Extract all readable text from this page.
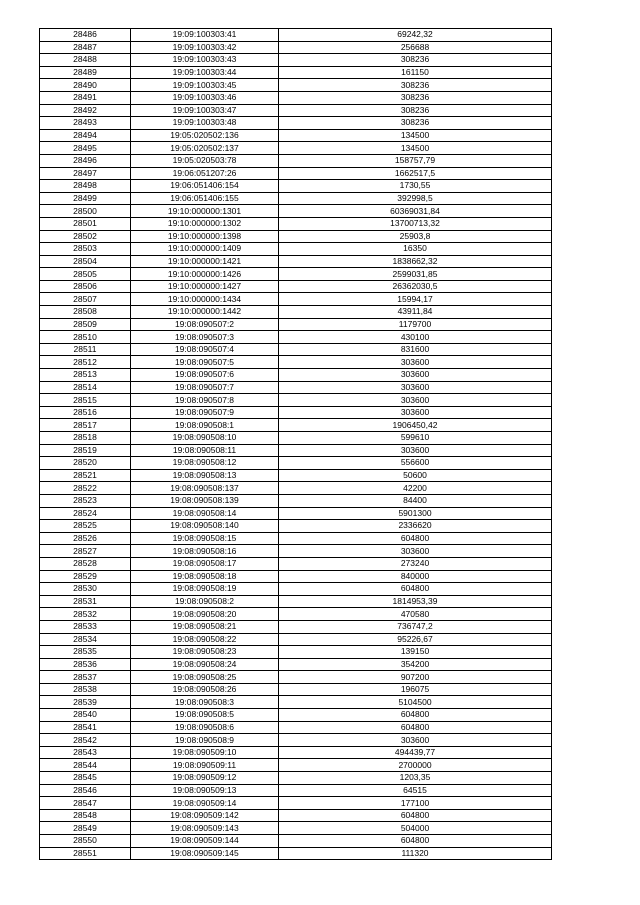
28486	19:09:100303:41	69242,32
28487	19:09:100303:42	256688
28488	19:09:100303:43	308236
28489	19:09:100303:44	161150
28490	19:09:100303:45	308236
28491	19:09:100303:46	308236
28492	19:09:100303:47	308236
28493	19:09:100303:48	308236
28494	19:05:020502:136	134500
28495	19:05:020502:137	134500
28496	19:05:020503:78	158757,79
28497	19:06:051207:26	1662517,5
28498	19:06:051406:154	1730,55
28499	19:06:051406:155	392998,5
28500	19:10:000000:1301	60369031,84
28501	19:10:000000:1302	13700713,32
28502	19:10:000000:1398	25903,8
28503	19:10:000000:1409	16350
28504	19:10:000000:1421	1838662,32
28505	19:10:000000:1426	2599031,85
28506	19:10:000000:1427	26362030,5
28507	19:10:000000:1434	15994,17
28508	19:10:000000:1442	43911,84
28509	19:08:090507:2	1179700
28510	19:08:090507:3	430100
28511	19:08:090507:4	831600
28512	19:08:090507:5	303600
28513	19:08:090507:6	303600
28514	19:08:090507:7	303600
28515	19:08:090507:8	303600
28516	19:08:090507:9	303600
28517	19:08:090508:1	1906450,42
28518	19:08:090508:10	599610
28519	19:08:090508:11	303600
28520	19:08:090508:12	556600
28521	19:08:090508:13	50600
28522	19:08:090508:137	42200
28523	19:08:090508:139	84400
28524	19:08:090508:14	5901300
28525	19:08:090508:140	2336620
28526	19:08:090508:15	604800
28527	19:08:090508:16	303600
28528	19:08:090508:17	273240
28529	19:08:090508:18	840000
28530	19:08:090508:19	604800
28531	19:08:090508:2	1814953,39
28532	19:08:090508:20	470580
28533	19:08:090508:21	736747,2
28534	19:08:090508:22	95226,67
28535	19:08:090508:23	139150
28536	19:08:090508:24	354200
28537	19:08:090508:25	907200
28538	19:08:090508:26	196075
28539	19:08:090508:3	5104500
28540	19:08:090508:5	604800
28541	19:08:090508:6	604800
28542	19:08:090508:9	303600
28543	19:08:090509:10	494439,77
28544	19:08:090509:11	2700000
28545	19:08:090509:12	1203,35
28546	19:08:090509:13	64515
28547	19:08:090509:14	177100
28548	19:08:090509:142	604800
28549	19:08:090509:143	504000
28550	19:08:090509:144	604800
28551	19:08:090509:145	111320
